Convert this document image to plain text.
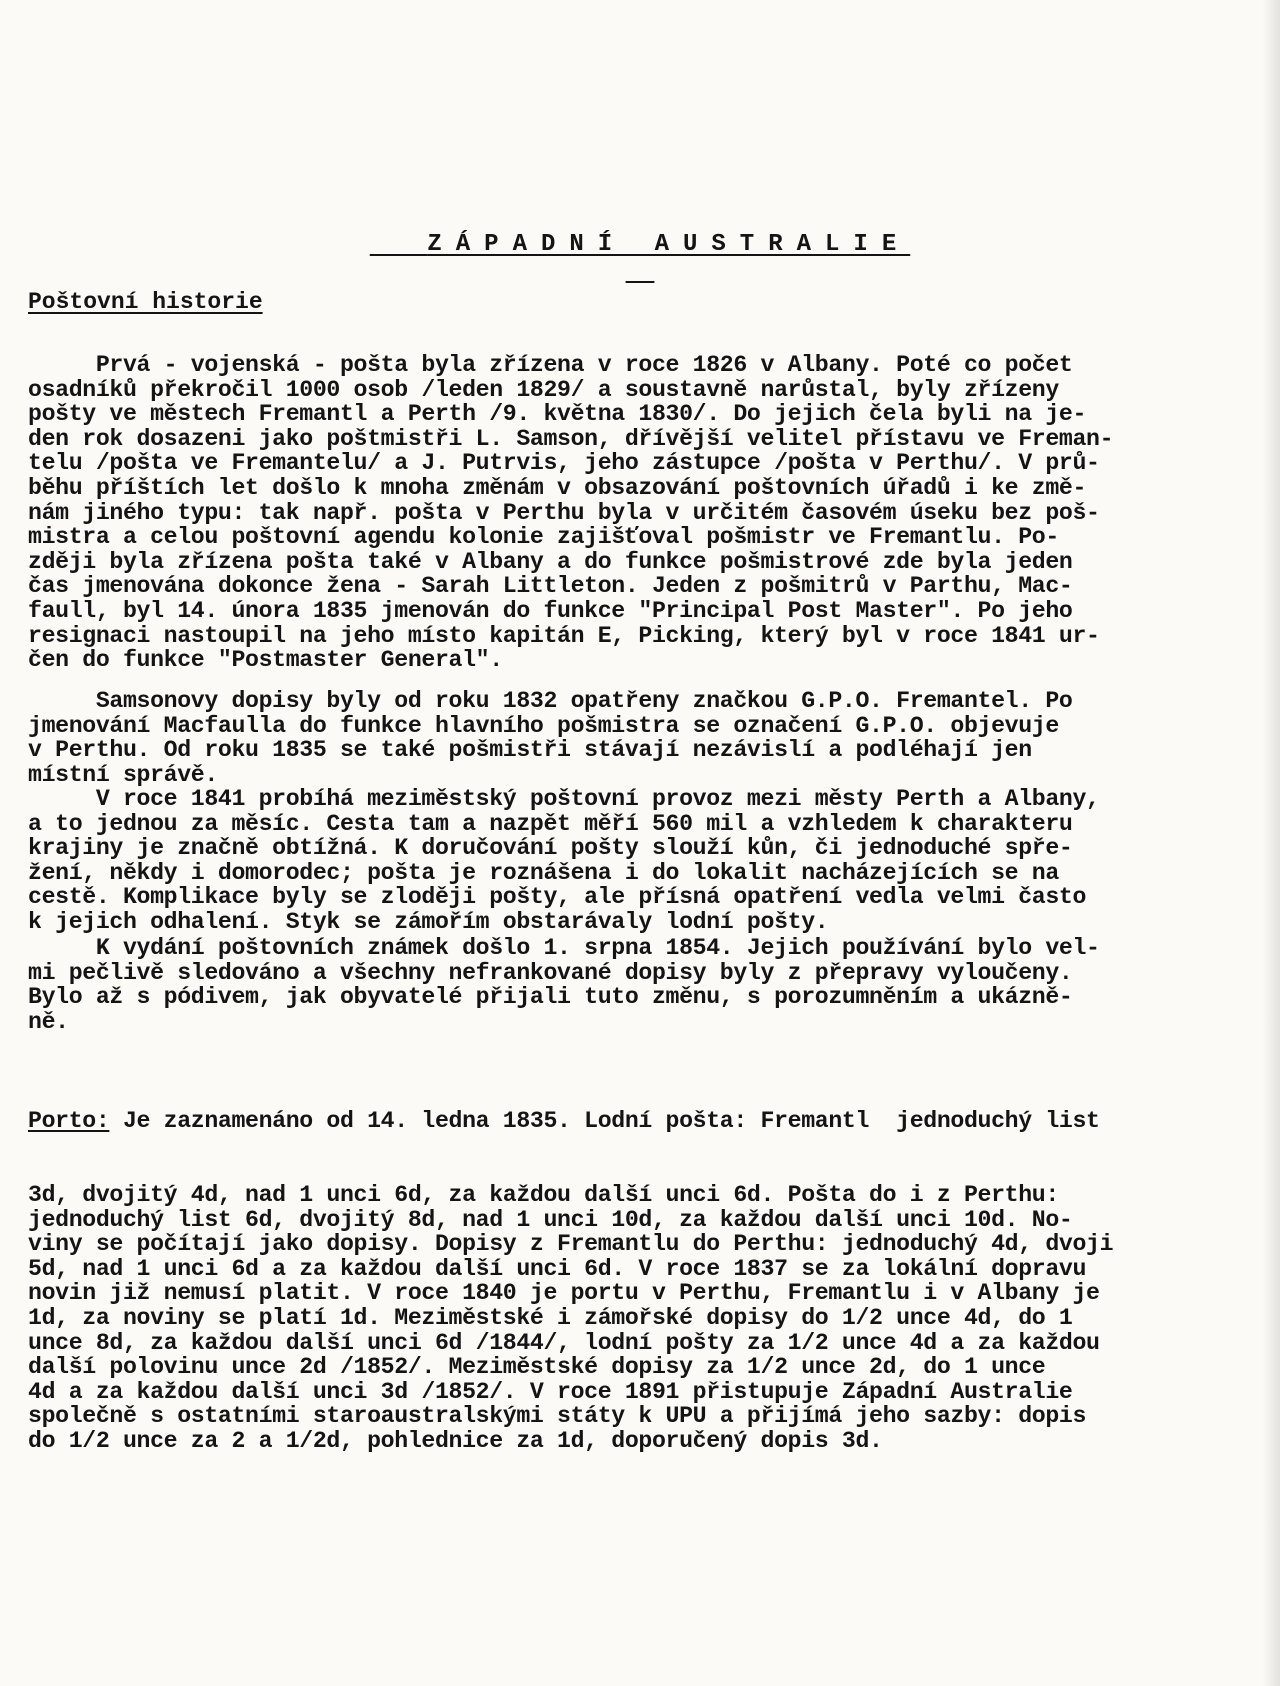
ZÁPADNÍ AUSTRALIE

Poštovní historie
Prvá - vojenská - pošta byla zřízena v roce 1826 v Albany. Poté co počet
osadníků překročil 1000 osob /leden 1829/ a soustavně narůstal, byly zřízeny
pošty ve městech Fremantl a Perth /9. května 1830/. Do jejich čela byli na je-
den rok dosazeni jako poštmistři L. Samson, dřívější velitel přístavu ve Freman-
telu /pošta ve Fremantelu/ a J. Putrvis, jeho zástupce /pošta v Perthu/. V prů-
běhu příštích let došlo k mnoha změnám v obsazování poštovních úřadů i ke změ-
nám jiného typu: tak např. pošta v Perthu byla v určitém časovém úseku bez poš-
mistra a celou poštovní agendu kolonie zajišťoval pošmistr ve Fremantlu. Po-
zději byla zřízena pošta také v Albany a do funkce pošmistrové zde byla jeden
čas jmenována dokonce žena - Sarah Littleton. Jeden z pošmitrů v Parthu, Mac-
faull, byl 14. února 1835 jmenován do funkce "Principal Post Master". Po jeho
resignaci nastoupil na jeho místo kapitán E, Picking, který byl v roce 1841 ur-
čen do funkce "Postmaster General".
Samsonovy dopisy byly od roku 1832 opatřeny značkou G.P.O. Fremantel. Po
jmenování Macfaulla do funkce hlavního pošmistra se označení G.P.O. objevuje
v Perthu. Od roku 1835 se také pošmistři stávají nezávislí a podléhají jen
místní správě.
V roce 1841 probíhá meziměstský poštovní provoz mezi městy Perth a Albany,
a to jednou za měsíc. Cesta tam a nazpět měří 560 mil a vzhledem k charakteru
krajiny je značně obtížná. K doručování pošty slouží kůn, či jednoduché spře-
žení, někdy i domorodec; pošta je roznášena i do lokalit nacházejících se na
cestě. Komplikace byly se zloději pošty, ale přísná opatření vedla velmi často
k jejich odhalení. Styk se zámořím obstarávaly lodní pošty.
K vydání poštovních známek došlo 1. srpna 1854. Jejich používání bylo vel-
mi pečlivě sledováno a všechny nefrankované dopisy byly z přepravy vyloučeny.
Bylo až s pódivem, jak obyvatelé přijali tuto změnu, s porozumněním a ukázně-
ně.

Porto: Je zaznamenáno od 14. ledna 1835. Lodní pošta: Fremantl  jednoduchý list

3d, dvojitý 4d, nad 1 unci 6d, za každou další unci 6d. Pošta do i z Perthu:
jednoduchý list 6d, dvojitý 8d, nad 1 unci 10d, za každou další unci 10d. No-
viny se počítají jako dopisy. Dopisy z Fremantlu do Perthu: jednoduchý 4d, dvoji
5d, nad 1 unci 6d a za každou další unci 6d. V roce 1837 se za lokální dopravu
novin již nemusí platit. V roce 1840 je portu v Perthu, Fremantlu i v Albany je
1d, za noviny se platí 1d. Meziměstské i zámořské dopisy do 1/2 unce 4d, do 1
unce 8d, za každou další unci 6d /1844/, lodní pošty za 1/2 unce 4d a za každou
další polovinu unce 2d /1852/. Meziměstské dopisy za 1/2 unce 2d, do 1 unce
4d a za každou další unci 3d /1852/. V roce 1891 přistupuje Západní Australie
společně s ostatními staroaustralskými státy k UPU a přijímá jeho sazby: dopis
do 1/2 unce za 2 a 1/2d, pohlednice za 1d, doporučený dopis 3d.
